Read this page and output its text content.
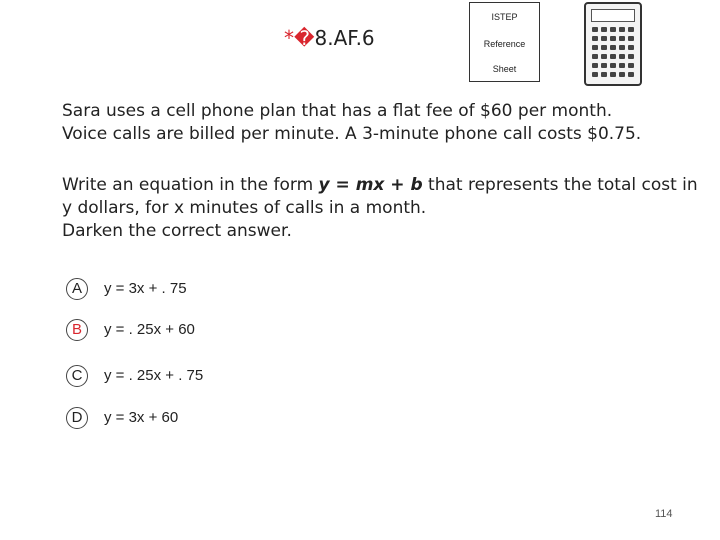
*�8.AF.6
ISTEP
Reference
Sheet

Sara uses a cell phone plan that has a flat fee of $60 per month.

Voice calls are billed per minute. A 3-minute phone call costs $0.75.

Write an equation in the form y = mx + b that represents the total cost in y dollars, for x minutes of calls in a month.

Darken the correct answer.

A	y = 3x + . 75
B	y = . 25x + 60
C	y = . 25x + . 75
D	y = 3x + 60
114
